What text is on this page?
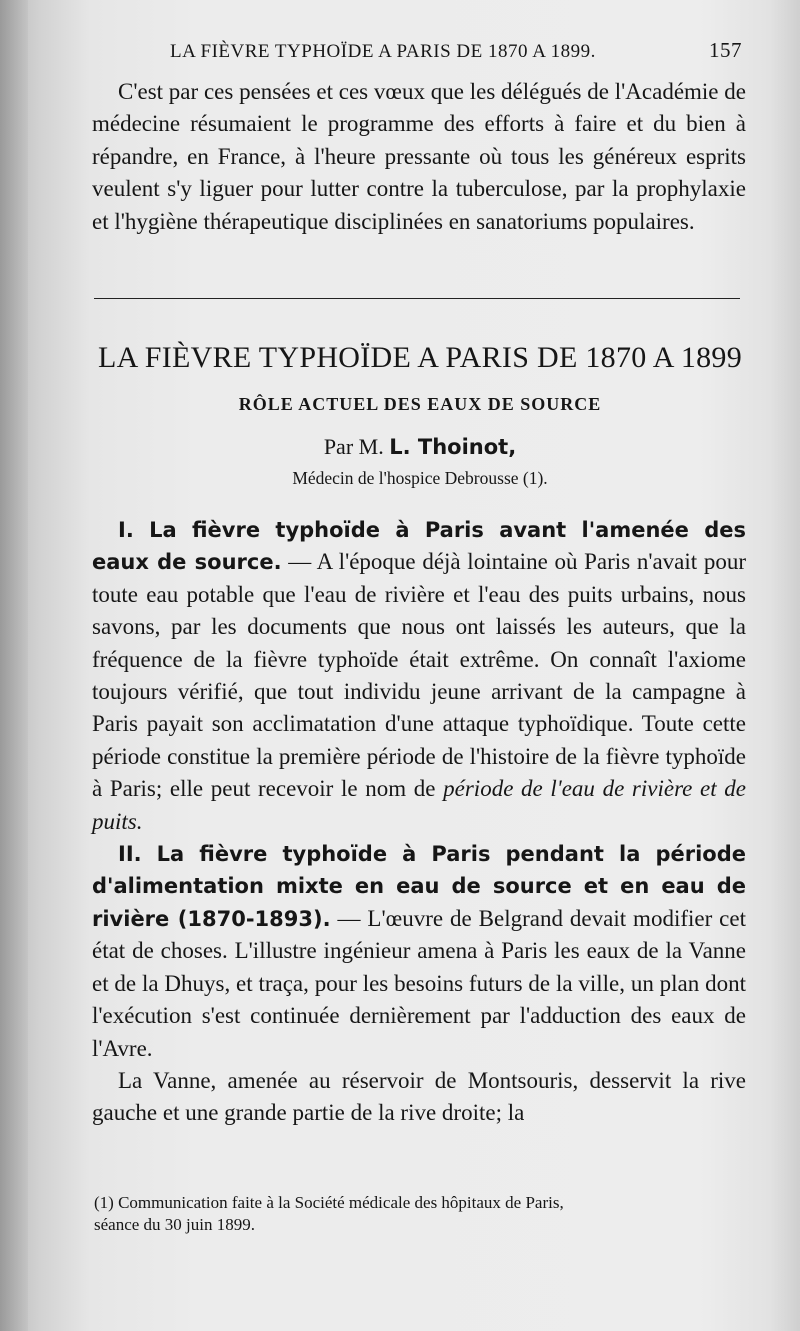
LA FIÈVRE TYPHOÏDE A PARIS DE 1870 A 1899.	157

C'est par ces pensées et ces vœux que les délégués de l'Académie de médecine résumaient le programme des efforts à faire et du bien à répandre, en France, à l'heure pressante où tous les généreux esprits veulent s'y liguer pour lutter contre la tuberculose, par la prophylaxie et l'hygiène thérapeutique disciplinées en sanatoriums populaires.

LA FIÈVRE TYPHOÏDE A PARIS DE 1870 A 1899
RÔLE ACTUEL DES EAUX DE SOURCE
Par M. L. Thoinot,
Médecin de l'hospice Debrousse (1).

I. La fièvre typhoïde à Paris avant l'amenée des eaux de source. — A l'époque déjà lointaine où Paris n'avait pour toute eau potable que l'eau de rivière et l'eau des puits urbains, nous savons, par les documents que nous ont laissés les auteurs, que la fréquence de la fièvre typhoïde était extrême. On connaît l'axiome toujours vérifié, que tout individu jeune arrivant de la campagne à Paris payait son acclimatation d'une attaque typhoïdique. Toute cette période constitue la première période de l'histoire de la fièvre typhoïde à Paris; elle peut recevoir le nom de période de l'eau de rivière et de puits.

II. La fièvre typhoïde à Paris pendant la période d'alimentation mixte en eau de source et en eau de rivière (1870-1893). — L'œuvre de Belgrand devait modifier cet état de choses. L'illustre ingénieur amena à Paris les eaux de la Vanne et de la Dhuys, et traça, pour les besoins futurs de la ville, un plan dont l'exécution s'est continuée dernièrement par l'adduction des eaux de l'Avre.

La Vanne, amenée au réservoir de Montsouris, desservit la rive gauche et une grande partie de la rive droite; la

(1) Communication faite à la Société médicale des hôpitaux de Paris,

séance du 30 juin 1899.
